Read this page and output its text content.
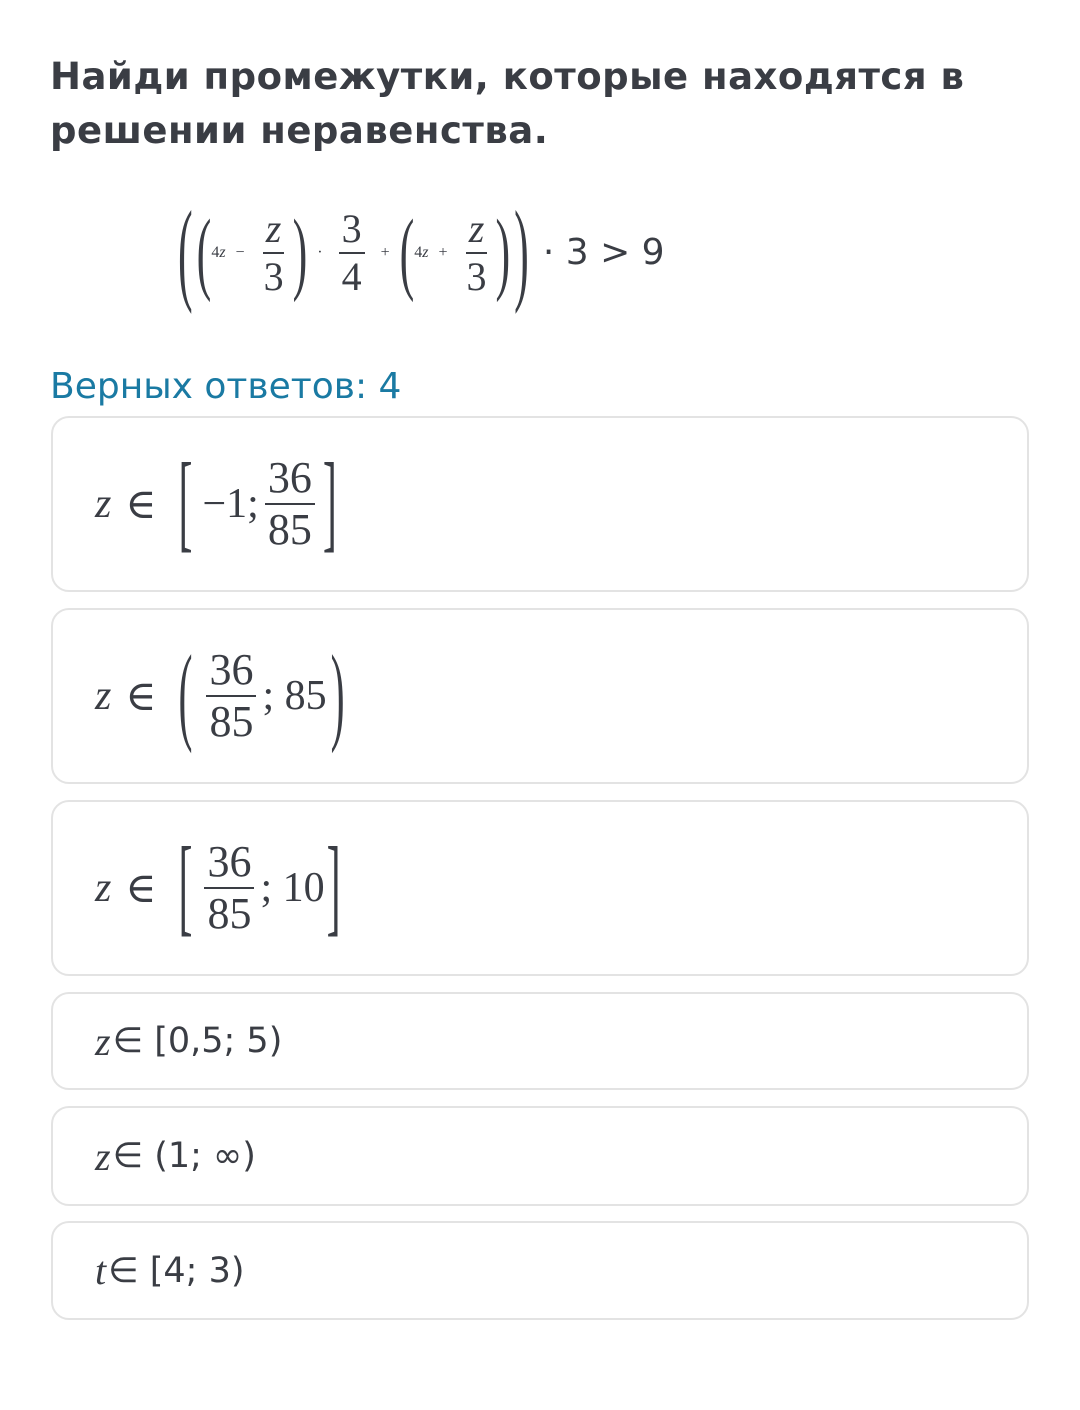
Найди промежутки, которые находятся в решении неравенства.

( ( $4z - \frac{z}{3}$ ) · $\frac{3}{4}$ + ( $4z + \frac{z}{3}$ ) ) · 3 > 9
Верных ответов: 4
z ∈ [ −1; $\frac{36}{85}$ ]
z ∈ ( $\frac{36}{85}$ ; 85 )
z ∈ [ $\frac{36}{85}$ ; 10 ]
z ∈ [0,5; 5)
z ∈ (1; ∞)
t ∈ [4; 3)
